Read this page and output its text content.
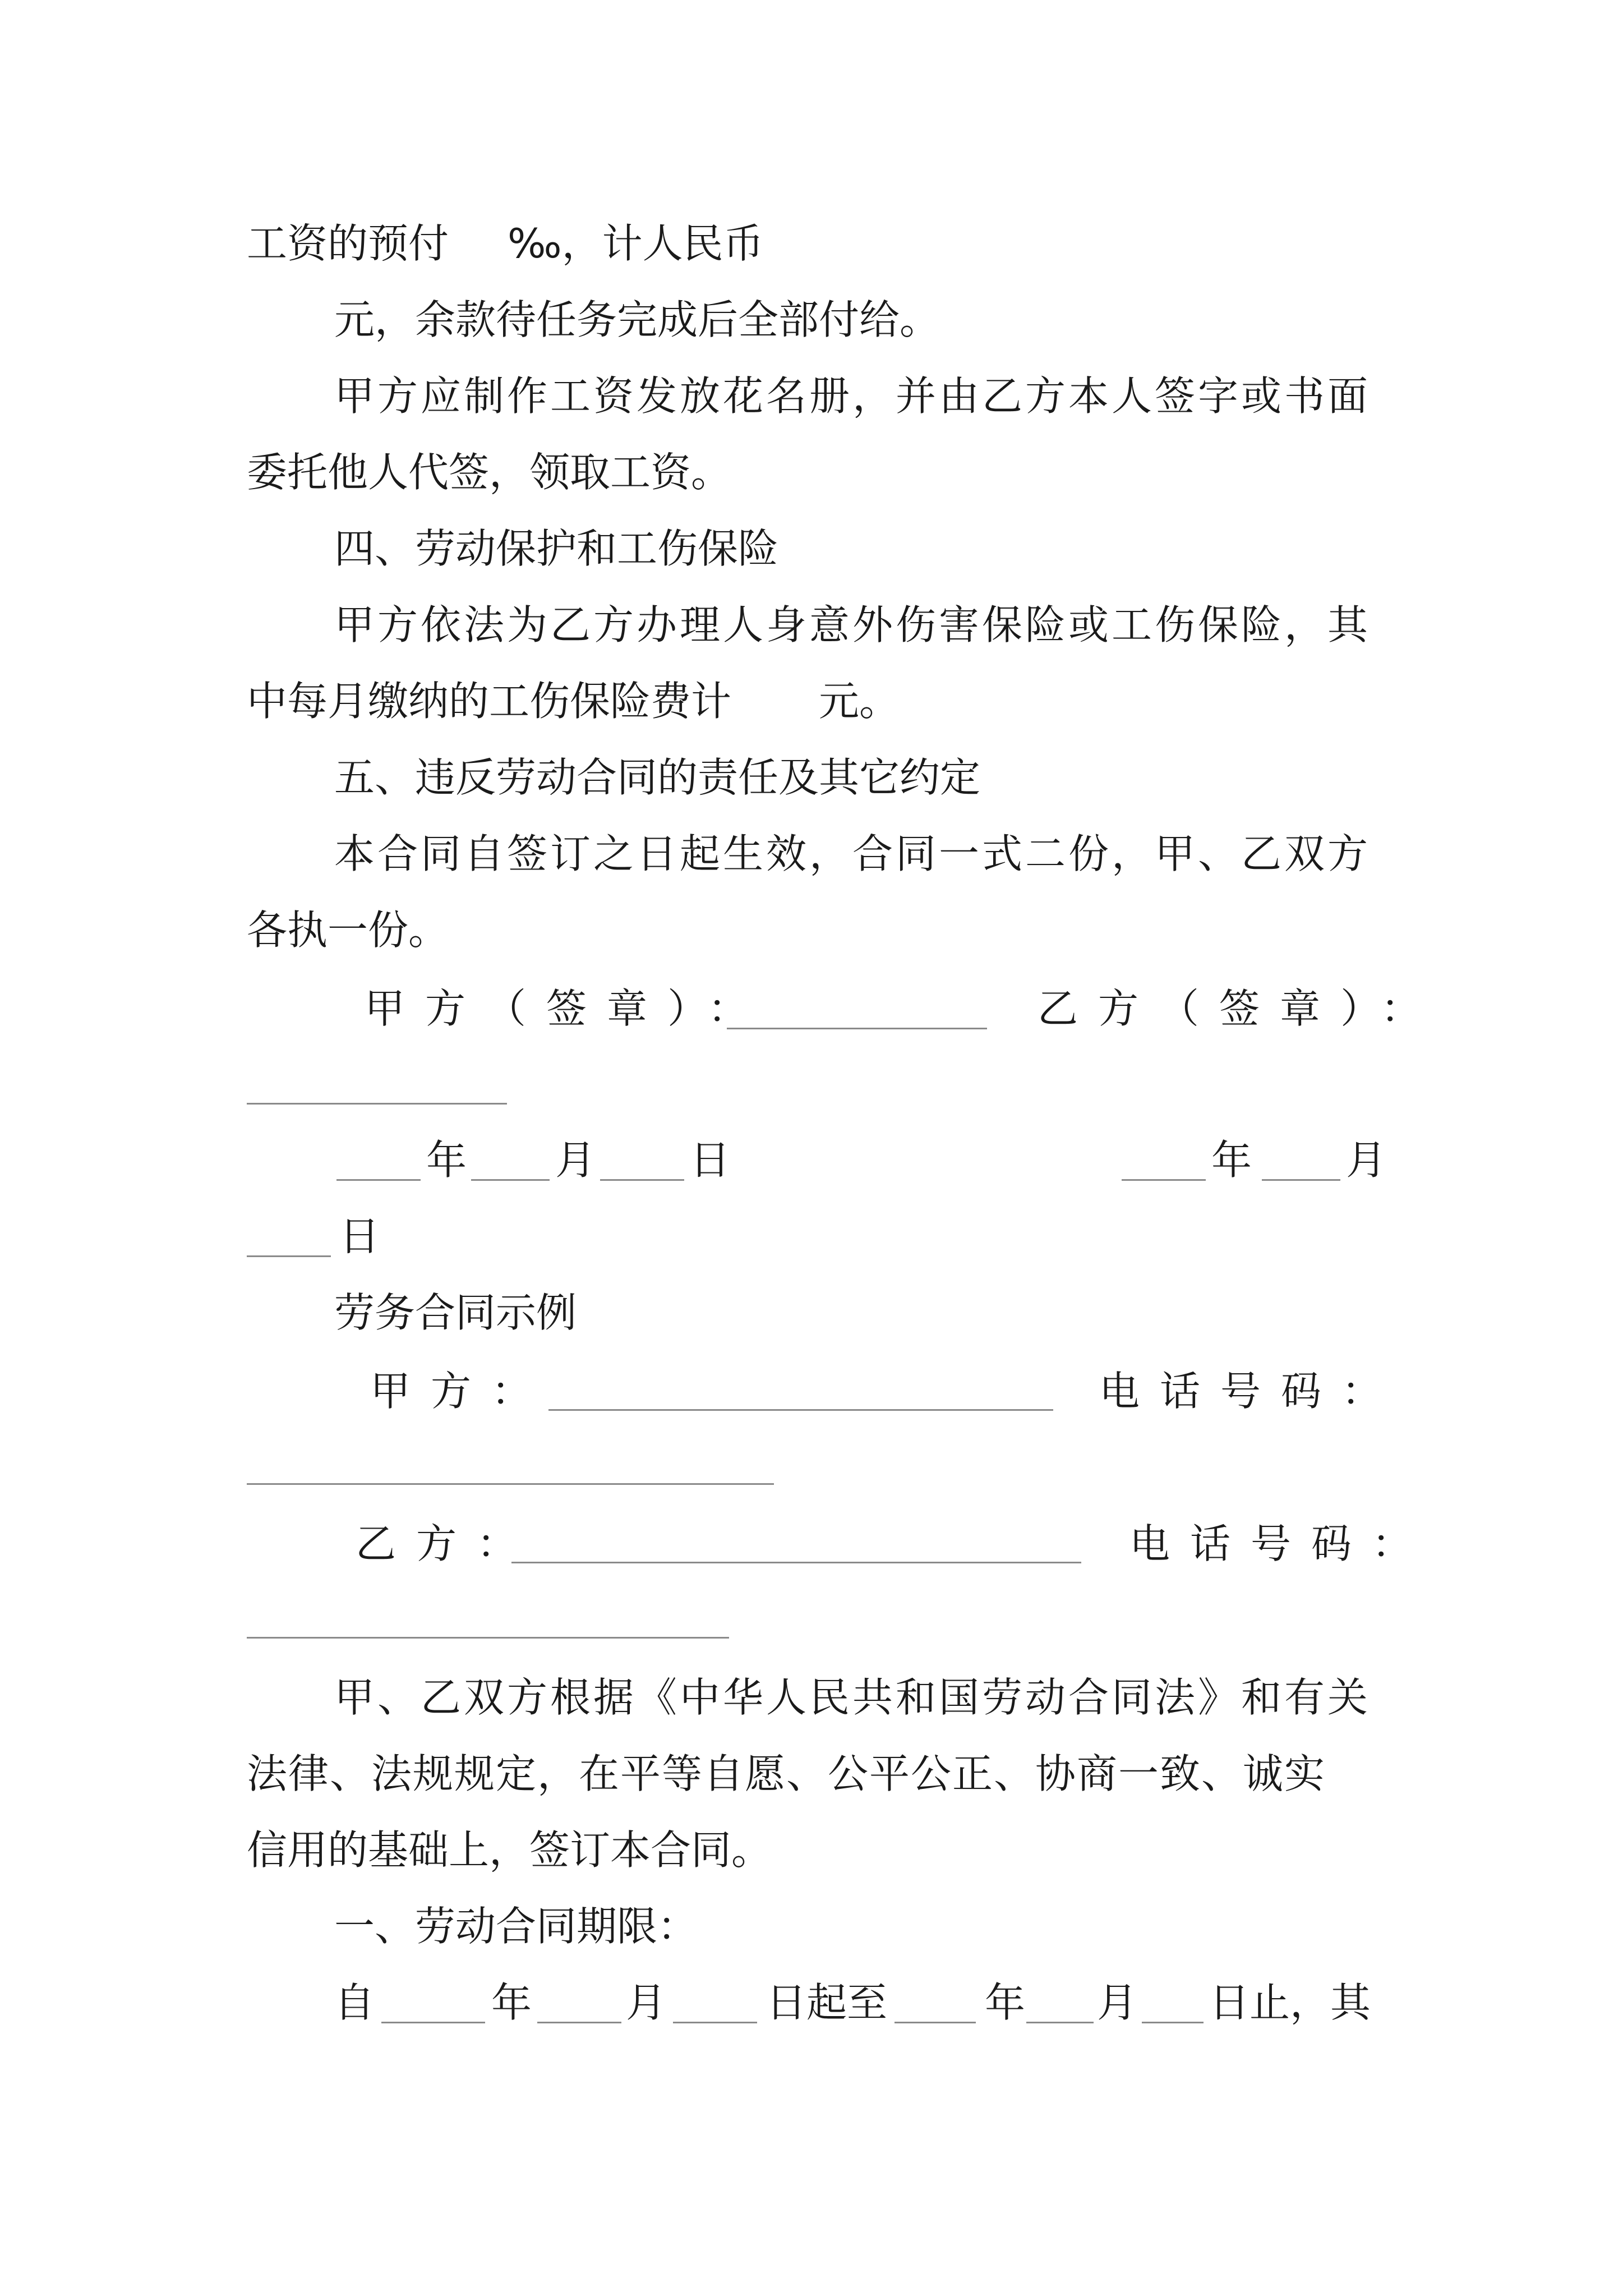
工资的预付 ‰，计人民币
元，余款待任务完成后全部付给。
甲方应制作工资发放花名册，并由乙方本人签字或书面
委托他人代签，领取工资。
四、劳动保护和工伤保险
甲方依法为乙方办理人身意外伤害保险或工伤保险，其
中每月缴纳的工伤保险费计 元。
五、违反劳动合同的责任及其它约定
本合同自签订之日起生效，合同一式二份，甲、乙双方
各执一份。
甲方（签章）：	乙方（签章）：
年 月 日	年 月
日
劳务合同示例
甲方：	电话号码：
乙方：	电话号码：
甲、乙双方根据《中华人民共和国劳动合同法》和有关
法律、法规规定，在平等自愿、公平公正、协商一致、诚实
信用的基础上，签订本合同。
一、劳动合同期限：
自	年 月 日起至 年 月 日止，其
